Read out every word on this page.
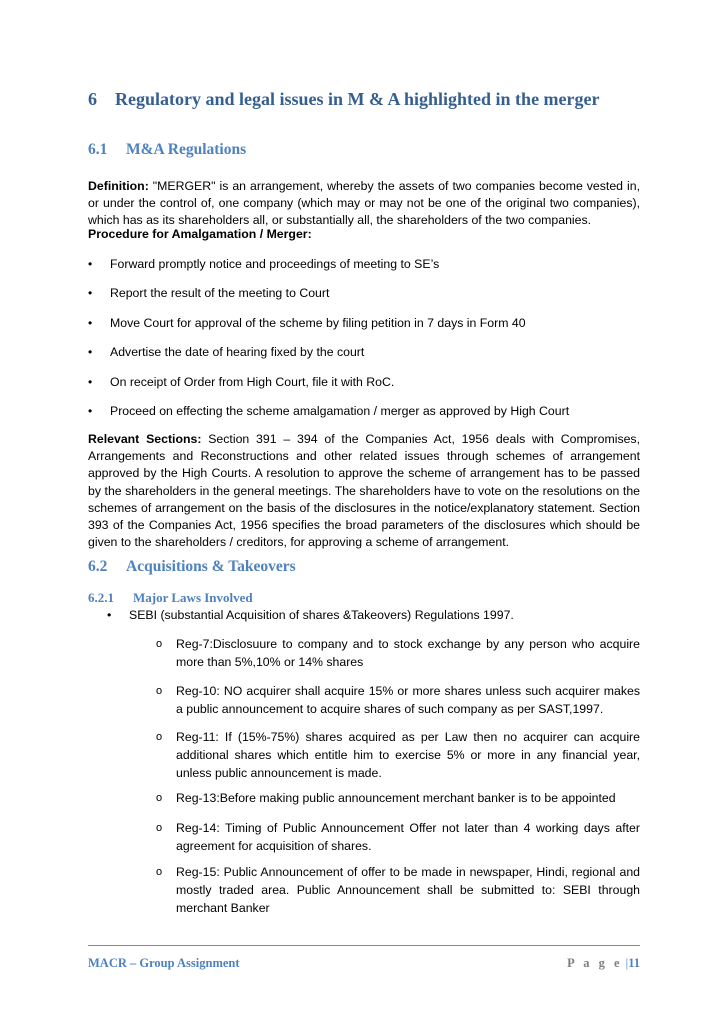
6 Regulatory and legal issues in M & A highlighted in the merger
6.1 M&A Regulations
Definition: "MERGER" is an arrangement, whereby the assets of two companies become vested in, or under the control of, one company (which may or may not be one of the original two companies), which has as its shareholders all, or substantially all, the shareholders of the two companies.
Procedure for Amalgamation / Merger:
• Forward promptly notice and proceedings of meeting to SE’s
• Report the result of the meeting to Court
• Move Court for approval of the scheme by filing petition in 7 days in Form 40
• Advertise the date of hearing fixed by the court
• On receipt of Order from High Court, file it with RoC.
• Proceed on effecting the scheme amalgamation / merger as approved by High Court
Relevant Sections: Section 391 – 394 of the Companies Act, 1956 deals with Compromises, Arrangements and Reconstructions and other related issues through schemes of arrangement approved by the High Courts. A resolution to approve the scheme of arrangement has to be passed by the shareholders in the general meetings. The shareholders have to vote on the resolutions on the schemes of arrangement on the basis of the disclosures in the notice/explanatory statement. Section 393 of the Companies Act, 1956 specifies the broad parameters of the disclosures which should be given to the shareholders / creditors, for approving a scheme of arrangement.
6.2 Acquisitions & Takeovers
6.2.1 Major Laws Involved
• SEBI (substantial Acquisition of shares &Takeovers) Regulations 1997.
o Reg-7:Disclosuure to company and to stock exchange by any person who acquire more than 5%,10% or 14% shares
o Reg-10: NO acquirer shall acquire 15% or more shares unless such acquirer makes a public announcement to acquire shares of such company as per SAST,1997.
o Reg-11: If (15%-75%) shares acquired as per Law then no acquirer can acquire additional shares which entitle him to exercise 5% or more in any financial year, unless public announcement is made.
o Reg-13:Before making public announcement merchant banker is to be appointed
o Reg-14: Timing of Public Announcement Offer not later than 4 working days after agreement for acquisition of shares.
o Reg-15: Public Announcement of offer to be made in newspaper, Hindi, regional and mostly traded area. Public Announcement shall be submitted to: SEBI through merchant Banker
MACR – Group Assignment	P a g e |11
